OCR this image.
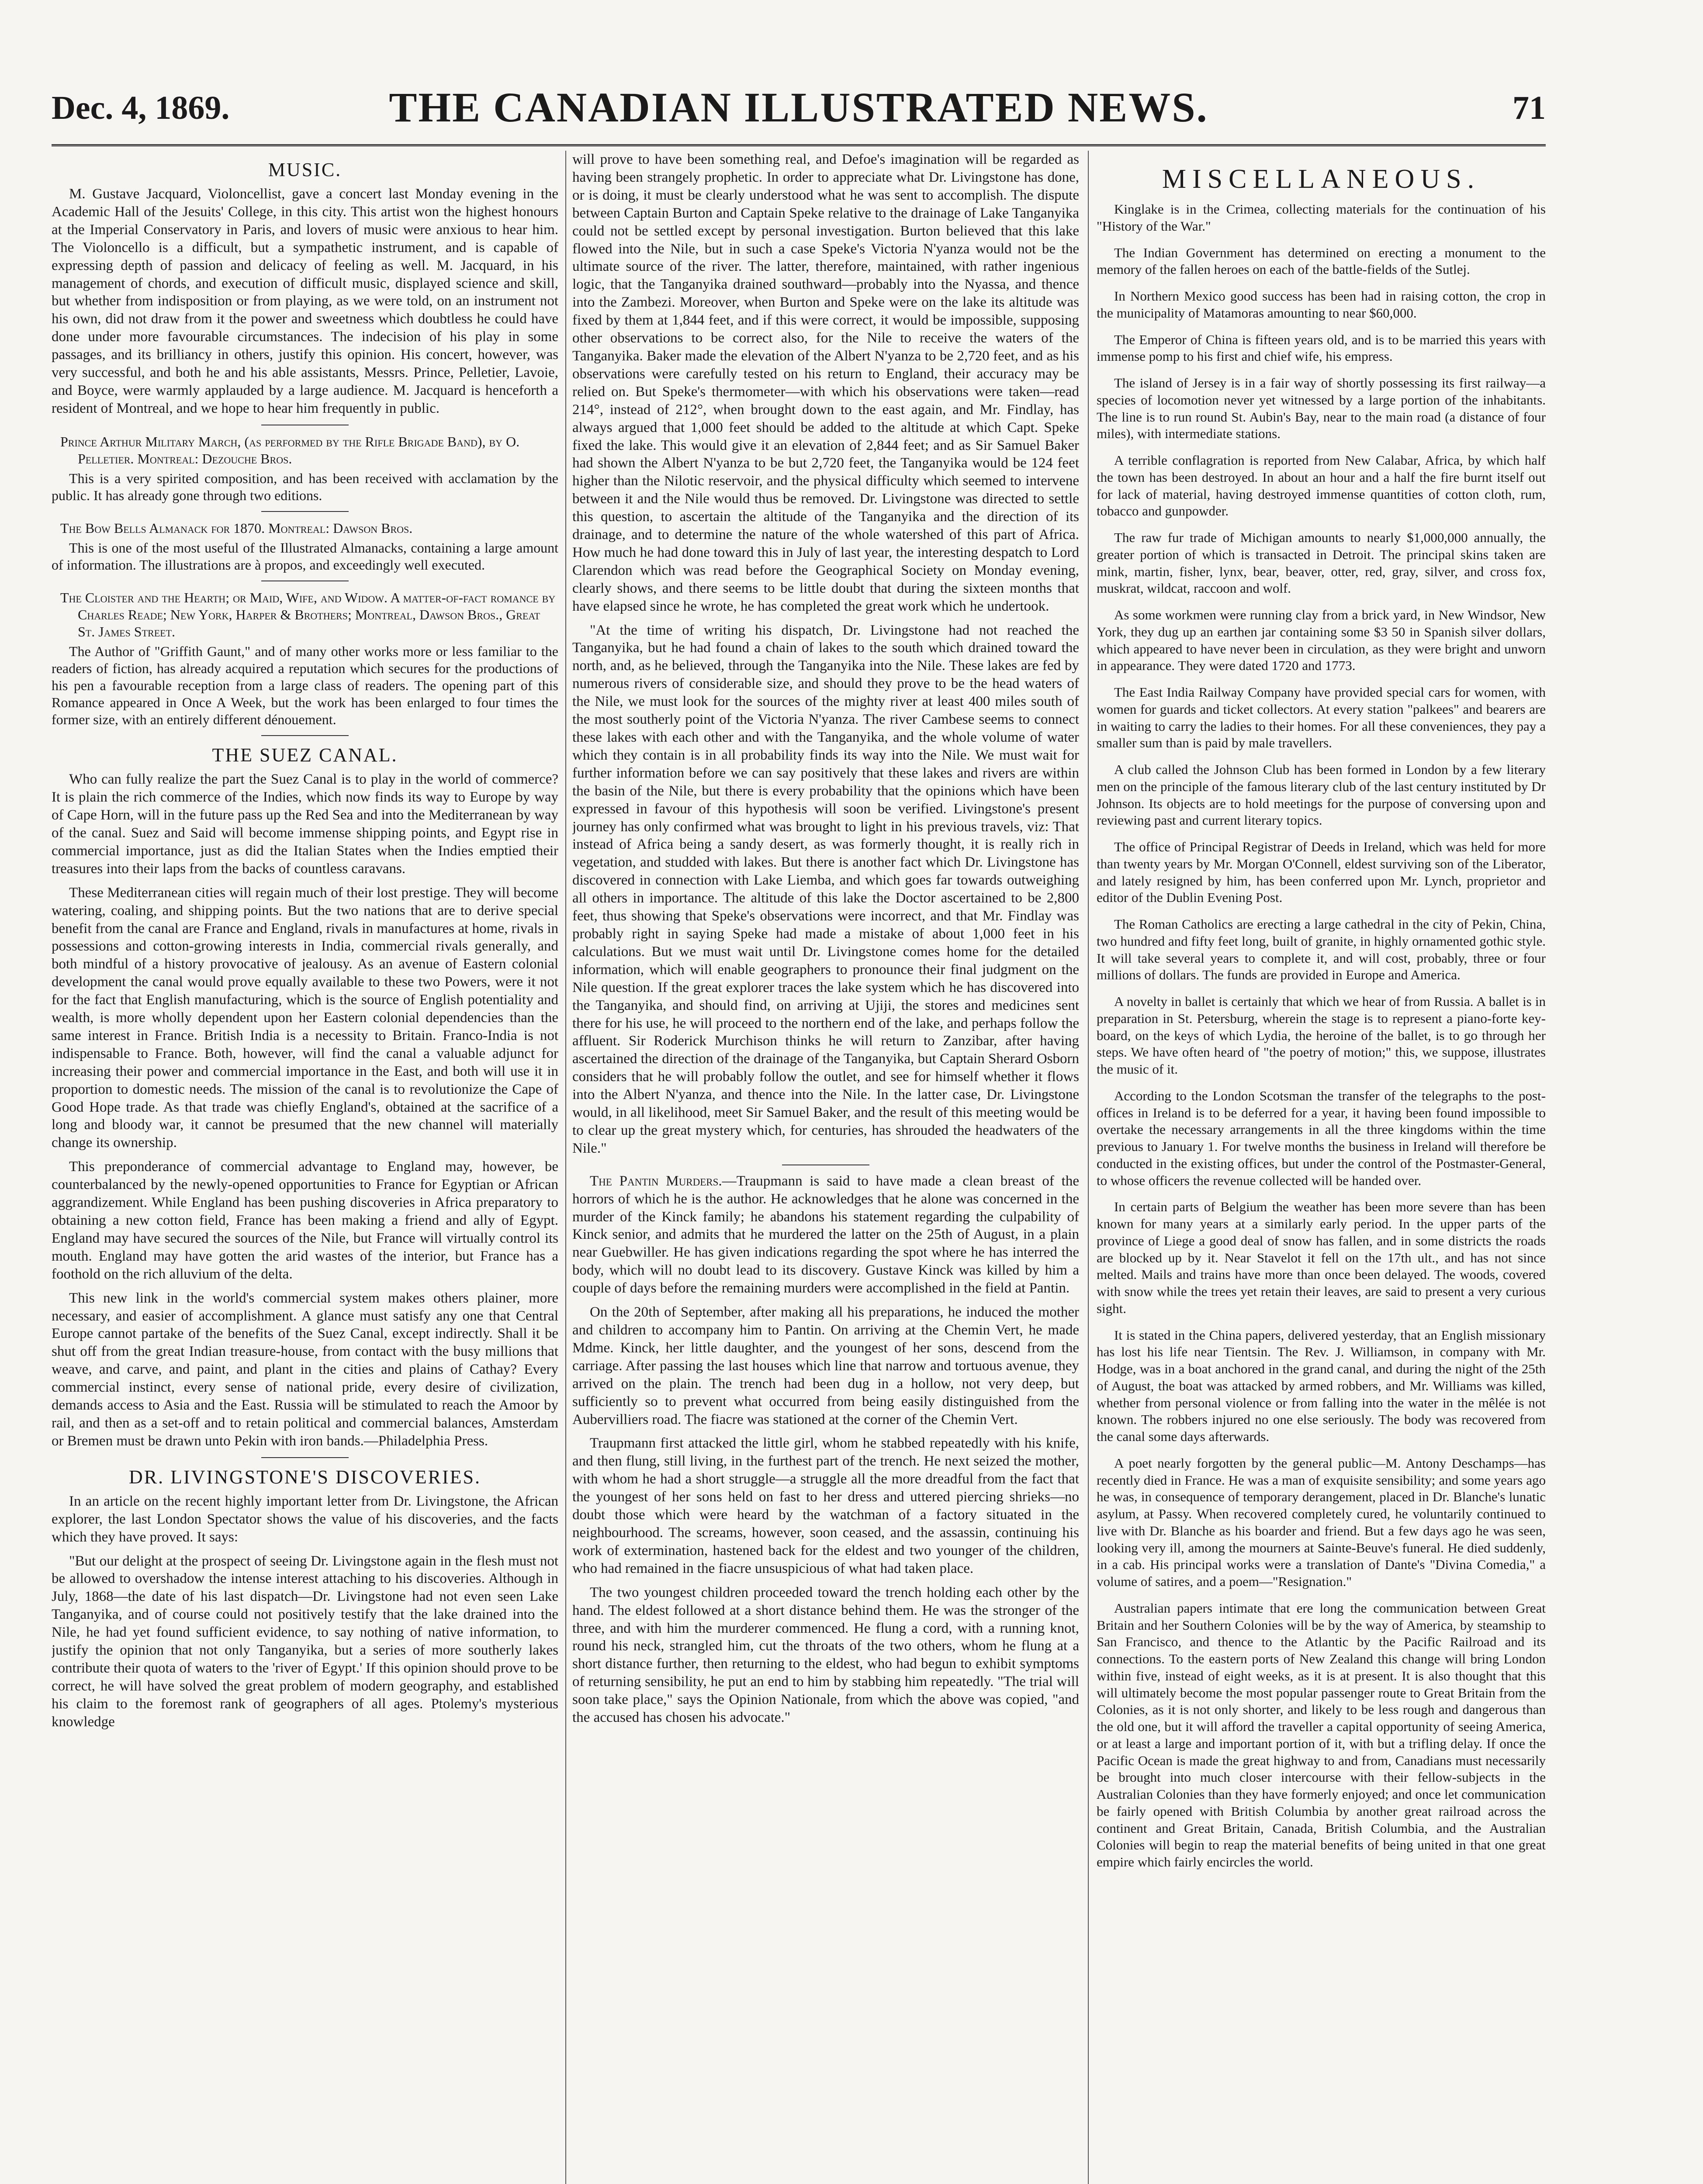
Dec. 4, 1869.	THE CANADIAN ILLUSTRATED NEWS.	71
MUSIC.

M. Gustave Jacquard, Violoncellist, gave a concert last Monday evening in the Academic Hall of the Jesuits' College, in this city. This artist won the highest honours at the Imperial Conservatory in Paris, and lovers of music were anxious to hear him. The Violoncello is a difficult, but a sympathetic instrument, and is capable of expressing depth of passion and delicacy of feeling as well. M. Jacquard, in his management of chords, and execution of difficult music, displayed science and skill, but whether from indisposition or from playing, as we were told, on an instrument not his own, did not draw from it the power and sweetness which doubtless he could have done under more favourable circumstances. The indecision of his play in some passages, and its brilliancy in others, justify this opinion. His concert, however, was very successful, and both he and his able assistants, Messrs. Prince, Pelletier, Lavoie, and Boyce, were warmly applauded by a large audience. M. Jacquard is henceforth a resident of Montreal, and we hope to hear him frequently in public.

Prince Arthur Military March, (as performed by the Rifle Brigade Band), by O. Pelletier. Montreal: Dezouche Bros.

This is a very spirited composition, and has been received with acclamation by the public. It has already gone through two editions.

The Bow Bells Almanack for 1870. Montreal: Dawson Bros.

This is one of the most useful of the Illustrated Almanacks, containing a large amount of information. The illustrations are à propos, and exceedingly well executed.

The Cloister and the Hearth; or Maid, Wife, and Widow. A matter-of-fact romance by Charles Reade; New York, Harper & Brothers; Montreal, Dawson Bros., Great St. James Street.

The Author of "Griffith Gaunt," and of many other works more or less familiar to the readers of fiction, has already acquired a reputation which secures for the productions of his pen a favourable reception from a large class of readers. The opening part of this Romance appeared in Once A Week, but the work has been enlarged to four times the former size, with an entirely different dénouement.

THE SUEZ CANAL.

Who can fully realize the part the Suez Canal is to play in the world of commerce? It is plain the rich commerce of the Indies, which now finds its way to Europe by way of Cape Horn, will in the future pass up the Red Sea and into the Mediterranean by way of the canal. Suez and Said will become immense shipping points, and Egypt rise in commercial importance, just as did the Italian States when the Indies emptied their treasures into their laps from the backs of countless caravans.

These Mediterranean cities will regain much of their lost prestige. They will become watering, coaling, and shipping points. But the two nations that are to derive special benefit from the canal are France and England, rivals in manufactures at home, rivals in possessions and cotton-growing interests in India, commercial rivals generally, and both mindful of a history provocative of jealousy. As an avenue of Eastern colonial development the canal would prove equally available to these two Powers, were it not for the fact that English manufacturing, which is the source of English potentiality and wealth, is more wholly dependent upon her Eastern colonial dependencies than the same interest in France. British India is a necessity to Britain. Franco-India is not indispensable to France. Both, however, will find the canal a valuable adjunct for increasing their power and commercial importance in the East, and both will use it in proportion to domestic needs. The mission of the canal is to revolutionize the Cape of Good Hope trade. As that trade was chiefly England's, obtained at the sacrifice of a long and bloody war, it cannot be presumed that the new channel will materially change its ownership.

This preponderance of commercial advantage to England may, however, be counterbalanced by the newly-opened opportunities to France for Egyptian or African aggrandizement. While England has been pushing discoveries in Africa preparatory to obtaining a new cotton field, France has been making a friend and ally of Egypt. England may have secured the sources of the Nile, but France will virtually control its mouth. England may have gotten the arid wastes of the interior, but France has a foothold on the rich alluvium of the delta.

This new link in the world's commercial system makes others plainer, more necessary, and easier of accomplishment. A glance must satisfy any one that Central Europe cannot partake of the benefits of the Suez Canal, except indirectly. Shall it be shut off from the great Indian treasure-house, from contact with the busy millions that weave, and carve, and paint, and plant in the cities and plains of Cathay? Every commercial instinct, every sense of national pride, every desire of civilization, demands access to Asia and the East. Russia will be stimulated to reach the Amoor by rail, and then as a set-off and to retain political and commercial balances, Amsterdam or Bremen must be drawn unto Pekin with iron bands.—Philadelphia Press.

DR. LIVINGSTONE'S DISCOVERIES.

In an article on the recent highly important letter from Dr. Livingstone, the African explorer, the last London Spectator shows the value of his discoveries, and the facts which they have proved. It says:

"But our delight at the prospect of seeing Dr. Livingstone again in the flesh must not be allowed to overshadow the intense interest attaching to his discoveries. Although in July, 1868—the date of his last dispatch—Dr. Livingstone had not even seen Lake Tanganyika, and of course could not positively testify that the lake drained into the Nile, he had yet found sufficient evidence, to say nothing of native information, to justify the opinion that not only Tanganyika, but a series of more southerly lakes contribute their quota of waters to the 'river of Egypt.' If this opinion should prove to be correct, he will have solved the great problem of modern geography, and established his claim to the foremost rank of geographers of all ages. Ptolemy's mysterious knowledge

will prove to have been something real, and Defoe's imagination will be regarded as having been strangely prophetic. In order to appreciate what Dr. Livingstone has done, or is doing, it must be clearly understood what he was sent to accomplish. The dispute between Captain Burton and Captain Speke relative to the drainage of Lake Tanganyika could not be settled except by personal investigation. Burton believed that this lake flowed into the Nile, but in such a case Speke's Victoria N'yanza would not be the ultimate source of the river. The latter, therefore, maintained, with rather ingenious logic, that the Tanganyika drained southward—probably into the Nyassa, and thence into the Zambezi. Moreover, when Burton and Speke were on the lake its altitude was fixed by them at 1,844 feet, and if this were correct, it would be impossible, supposing other observations to be correct also, for the Nile to receive the waters of the Tanganyika. Baker made the elevation of the Albert N'yanza to be 2,720 feet, and as his observations were carefully tested on his return to England, their accuracy may be relied on. But Speke's thermometer—with which his observations were taken—read 214°, instead of 212°, when brought down to the east again, and Mr. Findlay, has always argued that 1,000 feet should be added to the altitude at which Capt. Speke fixed the lake. This would give it an elevation of 2,844 feet; and as Sir Samuel Baker had shown the Albert N'yanza to be but 2,720 feet, the Tanganyika would be 124 feet higher than the Nilotic reservoir, and the physical difficulty which seemed to intervene between it and the Nile would thus be removed. Dr. Livingstone was directed to settle this question, to ascertain the altitude of the Tanganyika and the direction of its drainage, and to determine the nature of the whole watershed of this part of Africa. How much he had done toward this in July of last year, the interesting despatch to Lord Clarendon which was read before the Geographical Society on Monday evening, clearly shows, and there seems to be little doubt that during the sixteen months that have elapsed since he wrote, he has completed the great work which he undertook.

"At the time of writing his dispatch, Dr. Livingstone had not reached the Tanganyika, but he had found a chain of lakes to the south which drained toward the north, and, as he believed, through the Tanganyika into the Nile. These lakes are fed by numerous rivers of considerable size, and should they prove to be the head waters of the Nile, we must look for the sources of the mighty river at least 400 miles south of the most southerly point of the Victoria N'yanza. The river Cambese seems to connect these lakes with each other and with the Tanganyika, and the whole volume of water which they contain is in all probability finds its way into the Nile. We must wait for further information before we can say positively that these lakes and rivers are within the basin of the Nile, but there is every probability that the opinions which have been expressed in favour of this hypothesis will soon be verified. Livingstone's present journey has only confirmed what was brought to light in his previous travels, viz: That instead of Africa being a sandy desert, as was formerly thought, it is really rich in vegetation, and studded with lakes. But there is another fact which Dr. Livingstone has discovered in connection with Lake Liemba, and which goes far towards outweighing all others in importance. The altitude of this lake the Doctor ascertained to be 2,800 feet, thus showing that Speke's observations were incorrect, and that Mr. Findlay was probably right in saying Speke had made a mistake of about 1,000 feet in his calculations. But we must wait until Dr. Livingstone comes home for the detailed information, which will enable geographers to pronounce their final judgment on the Nile question. If the great explorer traces the lake system which he has discovered into the Tanganyika, and should find, on arriving at Ujiji, the stores and medicines sent there for his use, he will proceed to the northern end of the lake, and perhaps follow the affluent. Sir Roderick Murchison thinks he will return to Zanzibar, after having ascertained the direction of the drainage of the Tanganyika, but Captain Sherard Osborn considers that he will probably follow the outlet, and see for himself whether it flows into the Albert N'yanza, and thence into the Nile. In the latter case, Dr. Livingstone would, in all likelihood, meet Sir Samuel Baker, and the result of this meeting would be to clear up the great mystery which, for centuries, has shrouded the headwaters of the Nile."

The Pantin Murders.—Traupmann is said to have made a clean breast of the horrors of which he is the author. He acknowledges that he alone was concerned in the murder of the Kinck family; he abandons his statement regarding the culpability of Kinck senior, and admits that he murdered the latter on the 25th of August, in a plain near Guebwiller. He has given indications regarding the spot where he has interred the body, which will no doubt lead to its discovery. Gustave Kinck was killed by him a couple of days before the remaining murders were accomplished in the field at Pantin.

On the 20th of September, after making all his preparations, he induced the mother and children to accompany him to Pantin. On arriving at the Chemin Vert, he made Mdme. Kinck, her little daughter, and the youngest of her sons, descend from the carriage. After passing the last houses which line that narrow and tortuous avenue, they arrived on the plain. The trench had been dug in a hollow, not very deep, but sufficiently so to prevent what occurred from being easily distinguished from the Aubervilliers road. The fiacre was stationed at the corner of the Chemin Vert.

Traupmann first attacked the little girl, whom he stabbed repeatedly with his knife, and then flung, still living, in the furthest part of the trench. He next seized the mother, with whom he had a short struggle—a struggle all the more dreadful from the fact that the youngest of her sons held on fast to her dress and uttered piercing shrieks—no doubt those which were heard by the watchman of a factory situated in the neighbourhood. The screams, however, soon ceased, and the assassin, continuing his work of extermination, hastened back for the eldest and two younger of the children, who had remained in the fiacre unsuspicious of what had taken place.

The two youngest children proceeded toward the trench holding each other by the hand. The eldest followed at a short distance behind them. He was the stronger of the three, and with him the murderer commenced. He flung a cord, with a running knot, round his neck, strangled him, cut the throats of the two others, whom he flung at a short distance further, then returning to the eldest, who had begun to exhibit symptoms of returning sensibility, he put an end to him by stabbing him repeatedly. "The trial will soon take place," says the Opinion Nationale, from which the above was copied, "and the accused has chosen his advocate."

MISCELLANEOUS.

Kinglake is in the Crimea, collecting materials for the continuation of his "History of the War."

The Indian Government has determined on erecting a monument to the memory of the fallen heroes on each of the battle-fields of the Sutlej.

In Northern Mexico good success has been had in raising cotton, the crop in the municipality of Matamoras amounting to near $60,000.

The Emperor of China is fifteen years old, and is to be married this years with immense pomp to his first and chief wife, his empress.

The island of Jersey is in a fair way of shortly possessing its first railway—a species of locomotion never yet witnessed by a large portion of the inhabitants. The line is to run round St. Aubin's Bay, near to the main road (a distance of four miles), with intermediate stations.

A terrible conflagration is reported from New Calabar, Africa, by which half the town has been destroyed. In about an hour and a half the fire burnt itself out for lack of material, having destroyed immense quantities of cotton cloth, rum, tobacco and gunpowder.

The raw fur trade of Michigan amounts to nearly $1,000,000 annually, the greater portion of which is transacted in Detroit. The principal skins taken are mink, martin, fisher, lynx, bear, beaver, otter, red, gray, silver, and cross fox, muskrat, wildcat, raccoon and wolf.

As some workmen were running clay from a brick yard, in New Windsor, New York, they dug up an earthen jar containing some $3 50 in Spanish silver dollars, which appeared to have never been in circulation, as they were bright and unworn in appearance. They were dated 1720 and 1773.

The East India Railway Company have provided special cars for women, with women for guards and ticket collectors. At every station "palkees" and bearers are in waiting to carry the ladies to their homes. For all these conveniences, they pay a smaller sum than is paid by male travellers.

A club called the Johnson Club has been formed in London by a few literary men on the principle of the famous literary club of the last century instituted by Dr Johnson. Its objects are to hold meetings for the purpose of conversing upon and reviewing past and current literary topics.

The office of Principal Registrar of Deeds in Ireland, which was held for more than twenty years by Mr. Morgan O'Connell, eldest surviving son of the Liberator, and lately resigned by him, has been conferred upon Mr. Lynch, proprietor and editor of the Dublin Evening Post.

The Roman Catholics are erecting a large cathedral in the city of Pekin, China, two hundred and fifty feet long, built of granite, in highly ornamented gothic style. It will take several years to complete it, and will cost, probably, three or four millions of dollars. The funds are provided in Europe and America.

A novelty in ballet is certainly that which we hear of from Russia. A ballet is in preparation in St. Petersburg, wherein the stage is to represent a piano-forte key-board, on the keys of which Lydia, the heroine of the ballet, is to go through her steps. We have often heard of "the poetry of motion;" this, we suppose, illustrates the music of it.

According to the London Scotsman the transfer of the telegraphs to the post-offices in Ireland is to be deferred for a year, it having been found impossible to overtake the necessary arrangements in all the three kingdoms within the time previous to January 1. For twelve months the business in Ireland will therefore be conducted in the existing offices, but under the control of the Postmaster-General, to whose officers the revenue collected will be handed over.

In certain parts of Belgium the weather has been more severe than has been known for many years at a similarly early period. In the upper parts of the province of Liege a good deal of snow has fallen, and in some districts the roads are blocked up by it. Near Stavelot it fell on the 17th ult., and has not since melted. Mails and trains have more than once been delayed. The woods, covered with snow while the trees yet retain their leaves, are said to present a very curious sight.

It is stated in the China papers, delivered yesterday, that an English missionary has lost his life near Tientsin. The Rev. J. Williamson, in company with Mr. Hodge, was in a boat anchored in the grand canal, and during the night of the 25th of August, the boat was attacked by armed robbers, and Mr. Williams was killed, whether from personal violence or from falling into the water in the mêlée is not known. The robbers injured no one else seriously. The body was recovered from the canal some days afterwards.

A poet nearly forgotten by the general public—M. Antony Deschamps—has recently died in France. He was a man of exquisite sensibility; and some years ago he was, in consequence of temporary derangement, placed in Dr. Blanche's lunatic asylum, at Passy. When recovered completely cured, he voluntarily continued to live with Dr. Blanche as his boarder and friend. But a few days ago he was seen, looking very ill, among the mourners at Sainte-Beuve's funeral. He died suddenly, in a cab. His principal works were a translation of Dante's "Divina Comedia," a volume of satires, and a poem—"Resignation."

Australian papers intimate that ere long the communication between Great Britain and her Southern Colonies will be by the way of America, by steamship to San Francisco, and thence to the Atlantic by the Pacific Railroad and its connections. To the eastern ports of New Zealand this change will bring London within five, instead of eight weeks, as it is at present. It is also thought that this will ultimately become the most popular passenger route to Great Britain from the Colonies, as it is not only shorter, and likely to be less rough and dangerous than the old one, but it will afford the traveller a capital opportunity of seeing America, or at least a large and important portion of it, with but a trifling delay. If once the Pacific Ocean is made the great highway to and from, Canadians must necessarily be brought into much closer intercourse with their fellow-subjects in the Australian Colonies than they have formerly enjoyed; and once let communication be fairly opened with British Columbia by another great railroad across the continent and Great Britain, Canada, British Columbia, and the Australian Colonies will begin to reap the material benefits of being united in that one great empire which fairly encircles the world.
